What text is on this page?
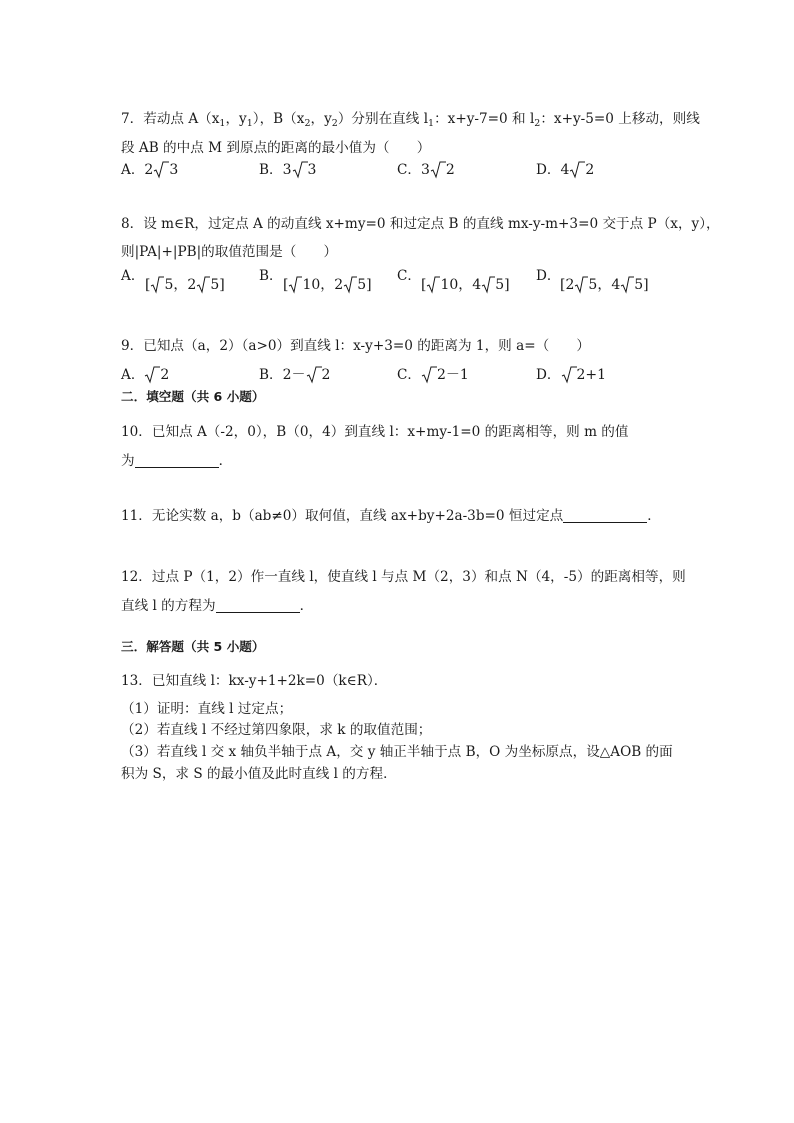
7．若动点 $A(x_1$，$y_1$），$B(x_2$，$y_2$）分别在直线 $l_1$：x+y-7=0 和 $l_2$：x+y-5=0 上移动，则线
段 AB 的中点 M 到原点的距离的最小值为（　　）
A．2 3	B．3 3	C．3 2	D．4 2
8．设 m∈R，过定点 A 的动直线 x+my=0 和过定点 B 的直线 mx-y-m+3=0 交于点 P（x，y），
则|PA|+|PB|的取值范围是（　　）
A．
[ 5，2 5]
B．
[ 10，2 5]
C．
[ 10，4 5]
D．
[2 5，4 5]
9．已知点（a，2）（a>0）到直线 l：x-y+3=0 的距离为 1，则 a=（　　）
A． 2	B．2－ 2	C． 2－1	D． 2+1
二．填空题（共 6 小题）
10．已知点 A（-2，0），B（0，4）到直线 l：x+my-1=0 的距离相等，则 m 的值
为	．
11．无论实数 a，b（ab≠0）取何值，直线 ax+by+2a-3b=0 恒过定点	．
12．过点 P（1，2）作一直线 l，使直线 l 与点 M（2，3）和点 N（4，-5）的距离相等，则
直线 l 的方程为	．
三．解答题（共 5 小题）
13．已知直线 l：kx-y+1+2k=0（k∈R）．
（1）证明：直线 l 过定点；
（2）若直线 l 不经过第四象限，求 k 的取值范围；
（3）若直线 l 交 x 轴负半轴于点 A，交 y 轴正半轴于点 B，O 为坐标原点，设△AOB 的面
积为 S，求 S 的最小值及此时直线 l 的方程．
